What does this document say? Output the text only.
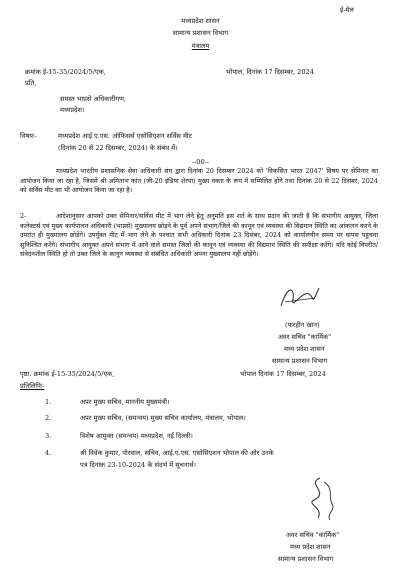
ई-मेल
मध्यप्रदेश शासन
सामान्य प्रशासन विभाग
मंत्रालय
क्रमांक ई-15-35/2024/5/एक,	भोपाल, दिनांक 17 दिसम्बर, 2024
प्रति,
समस्त भाप्रसे अधिकारीगण,
मध्यप्रदेश।
विषयः-	मध्यप्रदेश आई.ए.एस. ऑफिसर्स एसोसिएशन सर्विस मीट
(दिनांक 20 से 22 दिसम्बर, 2024) के संबंध में।
--00--
मध्यप्रदेश भारतीय प्रशासनिक सेवा अधिकारी संघ द्वारा दिनांक 20 दिसम्बर 2024 को 'विकसित भारत 2047' विषय पर सेमिनार का आयोजन किया जा रहा है, जिसमें श्री अमिताभ कांत (जी-20 इंडिया शेरपा) मुख्य वक्ता के रूप में सम्मिलित होंगे तथा दिनांक 20 से 22 दिसंबर, 2024 को सर्विस मीट का भी आयोजन किया जा रहा है।
2-	आदेशानुसार आपको उक्त सेमिनार/सर्विस मीट में भाग लेने हेतु अनुमति इस शर्त के साथ प्रदान की जाती है कि संभागीय आयुक्त, जिला कलेक्टर्स एवं मुख्य कार्यपालन अधिकारी (भाप्रसे) मुख्यालय छोड़ने के पूर्व अपने संभाग/जिले की कानून एवं व्यवस्था की विद्यमान स्थिति का आंकलन करने के उपरांत ही मुख्यालय छोड़ेंगे। उपर्युक्त मीट में भाग लेने के पश्चात सभी अधिकारी दिनांक 23 दिसंबर, 2024 को कार्यालयीन समय पर वापस पहुंचना सुनिश्चित करेंगे। संभागीय आयुक्त अपने संभाग में आने वाले समस्त जिलों की कानून एवं व्यवस्था की विद्यमान स्थिति की समीक्षा करेंगे। यदि कोई विपरीत/संवेदनशील स्थिति हो तो उक्त जिले के कानून व्यवस्था से संबंधित अधिकारी अपना मुख्यालय नहीं छोड़ेंगे।
(फरहीन खान)
अवर सचिव "कार्मिक"
मध्य प्रदेश शासन
सामान्य प्रशासन विभाग
पृष्ठा. क्रमांक ई-15-35/2024/5/एक,	भोपाल दिनांक 17 दिसम्बर, 2024
प्रतिलिपिः-
1.	अपर मुख्य सचिव, माननीय मुख्यमंत्री।
2.	अपर मुख्य सचिव, (समन्वय) मुख्य सचिव कार्यालय, मंत्रालय, भोपाल।
3.	विशेष आयुक्त (समन्वय) मध्यप्रदेश, नई दिल्ली।
4.	श्री विवेक कुमार, पोरवाल, सचिव, आई.ए.एस. एसोसिएशन भोपाल की ओर उनके
पत्र दिनांक 23-10-2024 के संदर्भ में सूचनार्थ।
अवर सचिव "कार्मिक"
मध्य प्रदेश शासन
सामान्य प्रशासन विभाग
